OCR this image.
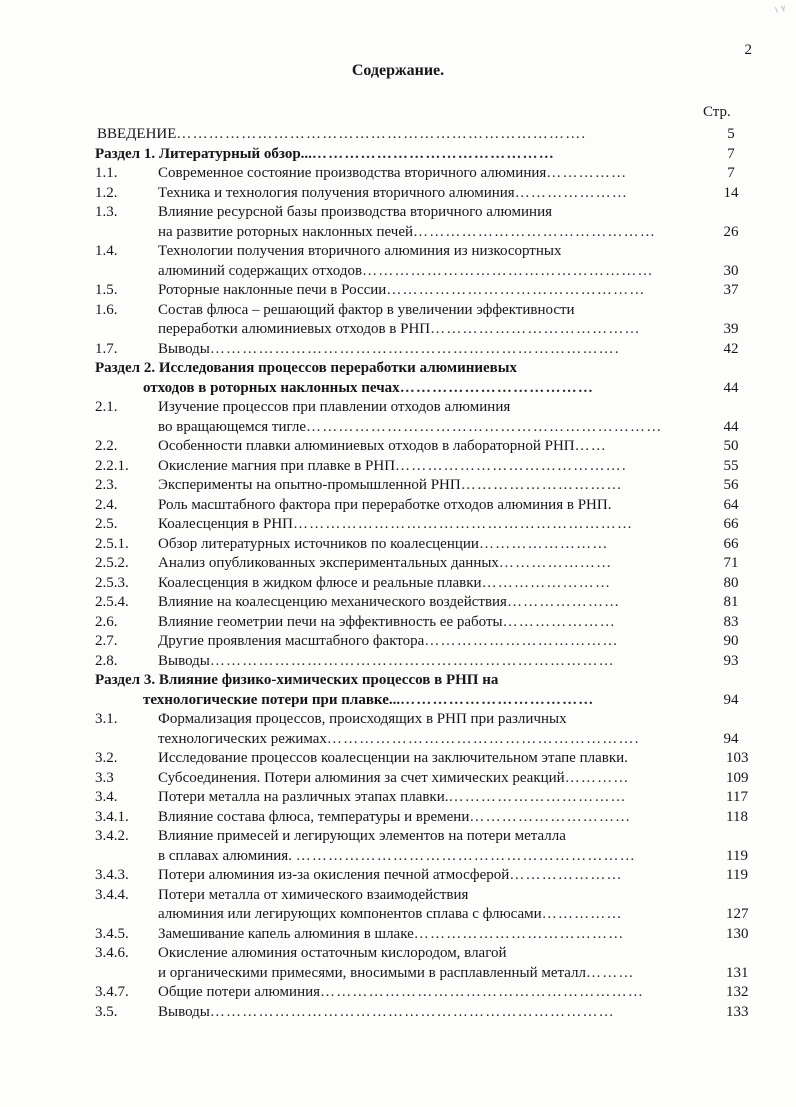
۱ ۷
2
Содержание.
Стр.
ВВЕДЕНИЕ………………………………………………………………….	5
Раздел 1. Литературный обзор...………………………………………	7
1.1.	Современное состояние производства вторичного алюминия……………	7
1.2.	Техника и технология получения вторичного алюминия…………………	14
1.3.	Влияние ресурсной базы производства вторичного алюминия
на развитие роторных наклонных печей………………………………………	26
1.4.	Технологии получения вторичного алюминия из низкосортных
алюминий содержащих отходов………………………………………………	30
1.5.	Роторные наклонные печи в России…………………………………………	37
1.6.	Состав флюса – решающий фактор в увеличении эффективности
переработки алюминиевых отходов в РНП…………………………………	39
1.7.	Выводы………………………………………………………………….	42
Раздел 2. Исследования процессов переработки алюминиевых
отходов в роторных наклонных печах………………………………	44
2.1.	Изучение процессов при плавлении отходов алюминия
во вращающемся тигле…………………………………………………………	44
2.2.	Особенности плавки алюминиевых отходов в лабораторной РНП……	50
2.2.1. Окисление магния при плавке в РНП…………………………………….	55
2.3.	Эксперименты на опытно-промышленной РНП…………………………	56
2.4.	Роль масштабного фактора при переработке отходов алюминия в РНП.	64
2.5.	Коалесценция в РНП………………………………………………………	66
2.5.1. Обзор литературных источников по коалесценции……………………	66
2.5.2. Анализ опубликованных экспериментальных данных…………………	71
2.5.3. Коалесценция в жидком флюсе и реальные плавки……………………	80
2.5.4. Влияние на коалесценцию механического воздействия…………………	81
2.6.	Влияние геометрии печи на эффективность ее работы…………………	83
2.7.	Другие проявления масштабного фактора………………………………	90
2.8.	Выводы…………………………………………………………………	93
Раздел 3. Влияние физико-химических процессов в РНП на
технологические потери при плавке...………………………………	94
3.1.	Формализация процессов, происходящих в РНП при различных
технологических режимах………………………………………………….	94
3.2.	Исследование процессов коалесценции на заключительном этапе плавки.	103
3.3	Субсоединения. Потери алюминия за счет химических реакций…………	109
3.4.	Потери металла на различных этапах плавки.……………………………	117
3.4.1. Влияние состава флюса, температуры и времени…………………………	118
3.4.2. Влияние примесей и легирующих элементов на потери металла
в сплавах алюминия. ………………………………………………………	119
3.4.3. Потери алюминия из-за окисления печной атмосферой…………………	119
3.4.4. Потери металла от химического взаимодействия
алюминия или легирующих компонентов сплава с флюсами……………	127
3.4.5. Замешивание капель алюминия в шлаке…………………………………	130
3.4.6. Окисление алюминия остаточным кислородом, влагой
и органическими примесями, вносимыми в расплавленный металл………	131
3.4.7. Общие потери алюминия……………………………………………………	132
3.5.	Выводы…………………………………………………………………	133
